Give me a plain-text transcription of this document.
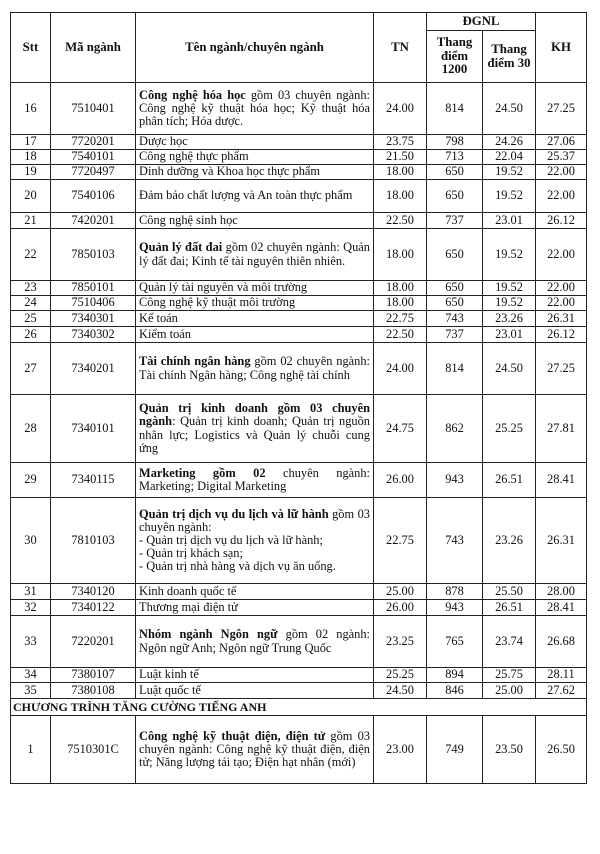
Stt	Mã ngành	Tên ngành/chuyên ngành	TN	ĐGNL		KH
				Thang điểm 1200	Thang điểm 30	
16	7510401	Công nghệ hóa học gồm 03 chuyên ngành: Công nghệ kỹ thuật hóa học; Kỹ thuật hóa phân tích; Hóa dược.	24.00	814	24.50	27.25
17	7720201	Dược học	23.75	798	24.26	27.06
18	7540101	Công nghệ thực phẩm	21.50	713	22.04	25.37
19	7720497	Dinh dưỡng và Khoa học thực phẩm	18.00	650	19.52	22.00
20	7540106	Đảm bảo chất lượng và An toàn thực phẩm	18.00	650	19.52	22.00
21	7420201	Công nghệ sinh học	22.50	737	23.01	26.12
22	7850103	Quản lý đất đai gồm 02 chuyên ngành: Quản lý đất đai; Kinh tế tài nguyên thiên nhiên.	18.00	650	19.52	22.00
23	7850101	Quản lý tài nguyên và môi trường	18.00	650	19.52	22.00
24	7510406	Công nghệ kỹ thuật môi trường	18.00	650	19.52	22.00
25	7340301	Kế toán	22.75	743	23.26	26.31
26	7340302	Kiểm toán	22.50	737	23.01	26.12
27	7340201	Tài chính ngân hàng gồm 02 chuyên ngành: Tài chính Ngân hàng; Công nghệ tài chính	24.00	814	24.50	27.25
28	7340101	Quản trị kinh doanh gồm 03 chuyên ngành: Quản trị kinh doanh; Quản trị nguồn nhân lực; Logistics và Quản lý chuỗi cung ứng	24.75	862	25.25	27.81
29	7340115	Marketing gồm 02 chuyên ngành: Marketing; Digital Marketing	26.00	943	26.51	28.41
30	7810103	Quản trị dịch vụ du lịch và lữ hành gồm 03 chuyên ngành:
- Quản trị dịch vụ du lịch và lữ hành;
- Quản trị khách sạn;
- Quản trị nhà hàng và dịch vụ ăn uống.	22.75	743	23.26	26.31
31	7340120	Kinh doanh quốc tế	25.00	878	25.50	28.00
32	7340122	Thương mại điện tử	26.00	943	26.51	28.41
33	7220201	Nhóm ngành Ngôn ngữ gồm 02 ngành: Ngôn ngữ Anh; Ngôn ngữ Trung Quốc	23.25	765	23.74	26.68
34	7380107	Luật kinh tế	25.25	894	25.75	28.11
35	7380108	Luật quốc tế	24.50	846	25.00	27.62
CHƯƠNG TRÌNH TĂNG CƯỜNG TIẾNG ANH						
1	7510301C	Công nghệ kỹ thuật điện, điện tử gồm 03 chuyên ngành: Công nghệ kỹ thuật điện, điện tử; Năng lượng tái tạo; Điện hạt nhân (mới)	23.00	749	23.50	26.50
